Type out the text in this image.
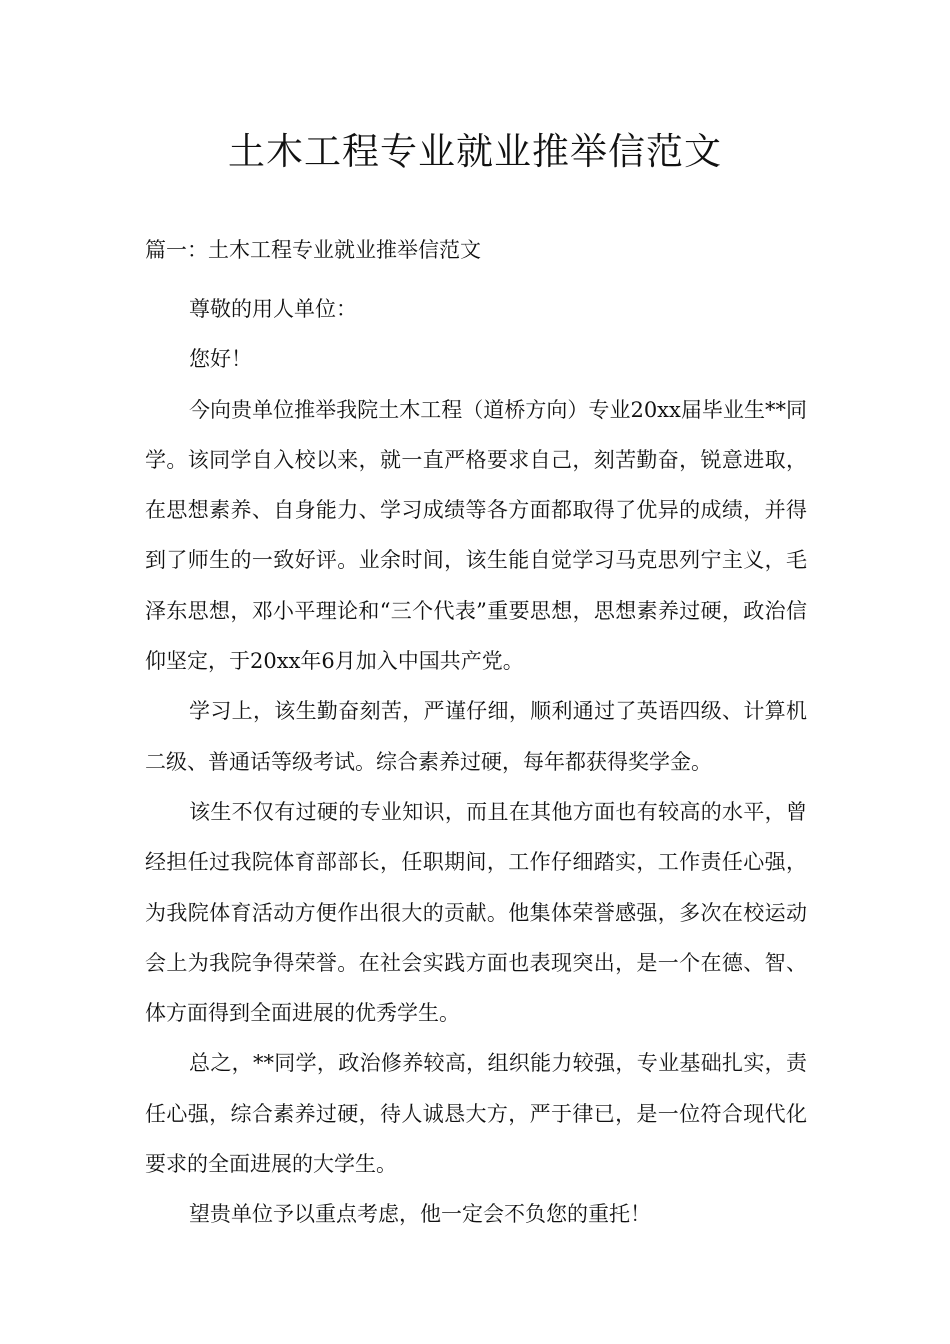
土木工程专业就业推举信范文
篇一：土木工程专业就业推举信范文

尊敬的用人单位：

您好！

今向贵单位推举我院土木工程（道桥方向）专业20xx届毕业生**同学。该同学自入校以来，就一直严格要求自己，刻苦勤奋，锐意进取，在思想素养、自身能力、学习成绩等各方面都取得了优异的成绩，并得到了师生的一致好评。业余时间，该生能自觉学习马克思列宁主义，毛泽东思想，邓小平理论和“三个代表”重要思想，思想素养过硬，政治信仰坚定，于20xx年6月加入中国共产党。

学习上，该生勤奋刻苦，严谨仔细，顺利通过了英语四级、计算机二级、普通话等级考试。综合素养过硬，每年都获得奖学金。

该生不仅有过硬的专业知识，而且在其他方面也有较高的水平，曾经担任过我院体育部部长，任职期间，工作仔细踏实，工作责任心强，为我院体育活动方便作出很大的贡献。他集体荣誉感强，多次在校运动会上为我院争得荣誉。在社会实践方面也表现突出，是一个在德、智、体方面得到全面进展的优秀学生。

总之，**同学，政治修养较高，组织能力较强，专业基础扎实，责任心强，综合素养过硬，待人诚恳大方，严于律已，是一位符合现代化要求的全面进展的大学生。

望贵单位予以重点考虑，他一定会不负您的重托！
